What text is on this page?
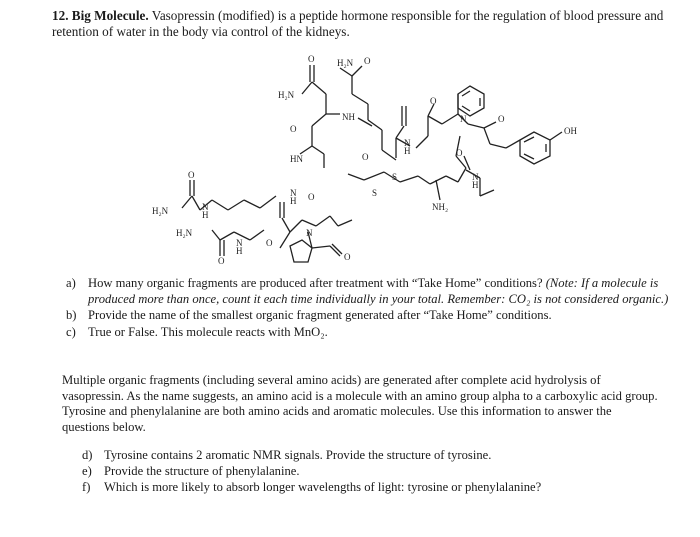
12. Big Molecule. Vasopressin (modified) is a peptide hormone responsible for the regulation of blood pressure and retention of water in the body via control of the kidneys.
H₂N O
O
H₂N
O
NH
HN	O
N
H
O
N	O
OH
S
S
NH₂
N
H
O
H₂N
O
N
H
H₂N
O
N
H
O
N
O
N
H
O
a) How many organic fragments are produced after treatment with “Take Home” conditions? (Note: If a molecule is produced more than once, count it each time individually in your total. Remember: CO₂ is not considered organic.)
b) Provide the name of the smallest organic fragment generated after “Take Home” conditions.
c) True or False. This molecule reacts with MnO₂.
Multiple organic fragments (including several amino acids) are generated after complete acid hydrolysis of vasopressin. As the name suggests, an amino acid is a molecule with an amino group alpha to a carboxylic acid group. Tyrosine and phenylalanine are both amino acids and aromatic molecules. Use this information to answer the questions below.
d) Tyrosine contains 2 aromatic NMR signals. Provide the structure of tyrosine.
e) Provide the structure of phenylalanine.
f)	Which is more likely to absorb longer wavelengths of light: tyrosine or phenylalanine?
